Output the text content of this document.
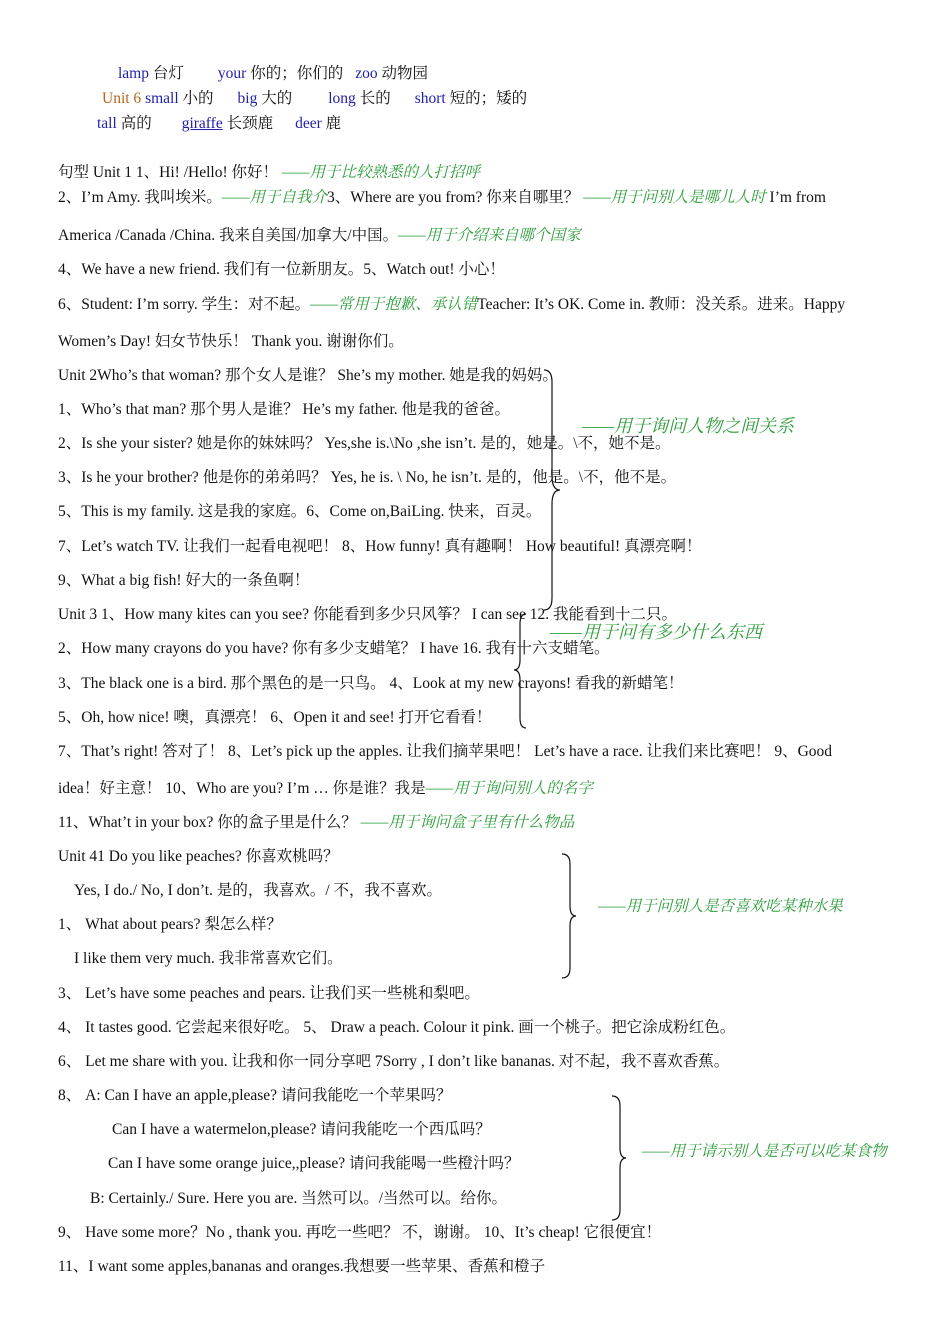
lamp 台灯 your 你的；你们的 zoo 动物园
Unit 6 small 小的 big 大的 long 长的 short 短的；矮的
tall 高的 giraffe 长颈鹿 deer 鹿
句型 Unit 1 1、Hi! /Hello! 你好！ ——用于比较熟悉的人打招呼
2、I’m Amy. 我叫埃米。——用于自我介3、Where are you from? 你来自哪里？ ——用于问别人是哪儿人时 I’m from
America /Canada /China. 我来自美国/加拿大/中国。——用于介绍来自哪个国家
4、We have a new friend. 我们有一位新朋友。5、Watch out! 小心！
6、Student: I’m sorry. 学生：对不起。——常用于抱歉、承认错Teacher: It’s OK. Come in. 教师：没关系。进来。Happy
Women’s Day! 妇女节快乐！ Thank you. 谢谢你们。
Unit 2Who’s that woman? 那个女人是谁？ She’s my mother. 她是我的妈妈。
1、Who’s that man? 那个男人是谁？ He’s my father. 他是我的爸爸。
2、Is she your sister? 她是你的妹妹吗？ Yes,she is.\No ,she isn’t. 是的，她是。\不，她不是。
3、Is he your brother? 他是你的弟弟吗？ Yes, he is. \ No, he isn’t. 是的，他是。\不，他不是。
5、This is my family. 这是我的家庭。6、Come on,BaiLing. 快来，百灵。
7、Let’s watch TV. 让我们一起看电视吧！ 8、How funny! 真有趣啊！ How beautiful! 真漂亮啊！
9、What a big fish! 好大的一条鱼啊！
Unit 3 1、How many kites can you see? 你能看到多少只风筝？ I can see 12. 我能看到十二只。
2、How many crayons do you have? 你有多少支蜡笔？ I have 16. 我有十六支蜡笔。
3、The black one is a bird. 那个黑色的是一只鸟。 4、Look at my new crayons! 看我的新蜡笔！
5、Oh, how nice! 噢，真漂亮！ 6、Open it and see! 打开它看看！
7、That’s right! 答对了！ 8、Let’s pick up the apples. 让我们摘苹果吧！ Let’s have a race. 让我们来比赛吧！ 9、Good
idea！好主意！ 10、Who are you? I’m … 你是谁？我是——用于询问别人的名字
11、What’t in your box? 你的盒子里是什么？ ——用于询问盒子里有什么物品
Unit 41 Do you like peaches? 你喜欢桃吗？
Yes, I do./ No, I don’t. 是的，我喜欢。/ 不，我不喜欢。
1、 What about pears? 梨怎么样？
I like them very much. 我非常喜欢它们。
3、 Let’s have some peaches and pears. 让我们买一些桃和梨吧。
4、 It tastes good. 它尝起来很好吃。 5、 Draw a peach. Colour it pink. 画一个桃子。把它涂成粉红色。
6、 Let me share with you. 让我和你一同分享吧 7Sorry , I don’t like bananas. 对不起，我不喜欢香蕉。
8、 A: Can I have an apple,please? 请问我能吃一个苹果吗？
Can I have a watermelon,please? 请问我能吃一个西瓜吗？
Can I have some orange juice,,please? 请问我能喝一些橙汁吗？
B: Certainly./ Sure. Here you are. 当然可以。/当然可以。给你。
9、 Have some more？No , thank you. 再吃一些吧？ 不，谢谢。 10、It’s cheap! 它很便宜！
11、I want some apples,bananas and oranges.我想要一些苹果、香蕉和橙子
——用于询问人物之间关系
——用于问有多少什么东西
——用于问别人是否喜欢吃某种水果
——用于请示别人是否可以吃某食物
